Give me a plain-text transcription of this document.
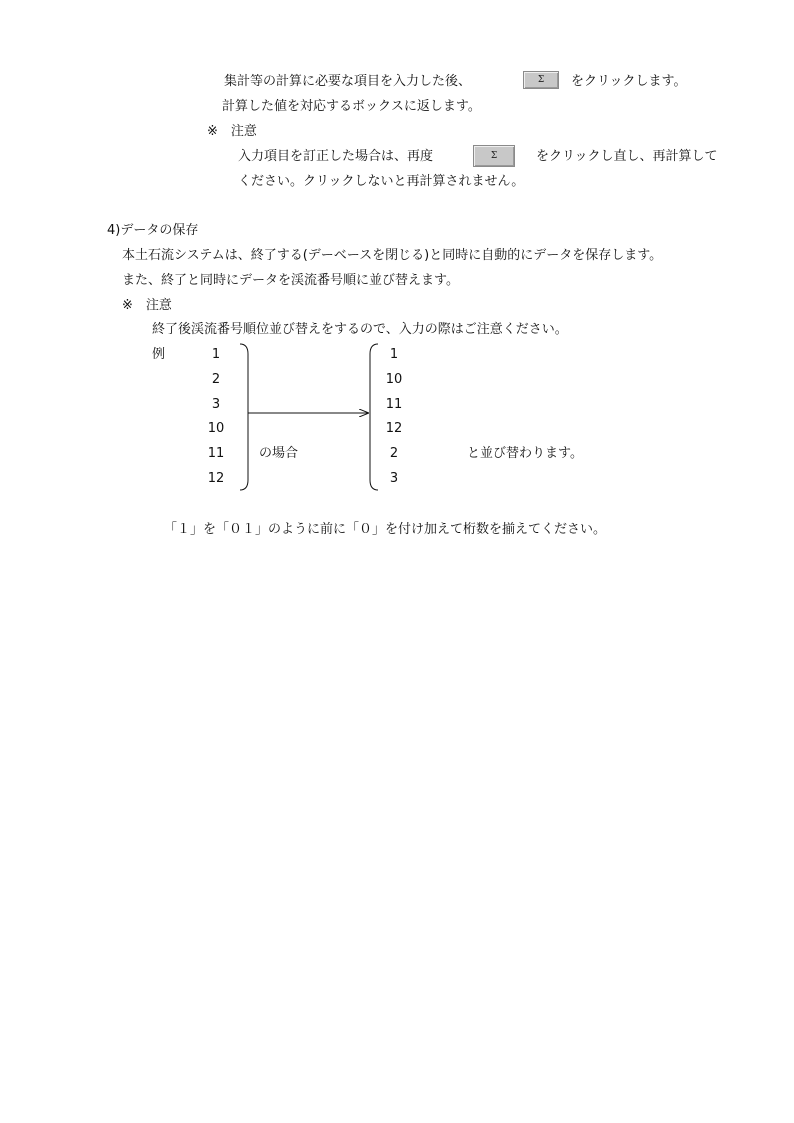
集計等の計算に必要な項目を入力した後、	Σ	をクリックします。
計算した値を対応するボックスに返します。
※　注意
入力項目を訂正した場合は、再度	Σ	をクリックし直し、再計算して
ください。クリックしないと再計算されません。
4)データの保存
本土石流システムは、終了する(デーベースを閉じる)と同時に自動的にデータを保存します。
また、終了と同時にデータを渓流番号順に並び替えます。
※　注意
終了後渓流番号順位並び替えをするので、入力の際はご注意ください。
例	1
2
3
10
11
12
の場合
1
10
11
12
2
3
と並び替わります。
「１」を「０１」のように前に「０」を付け加えて桁数を揃えてください。
